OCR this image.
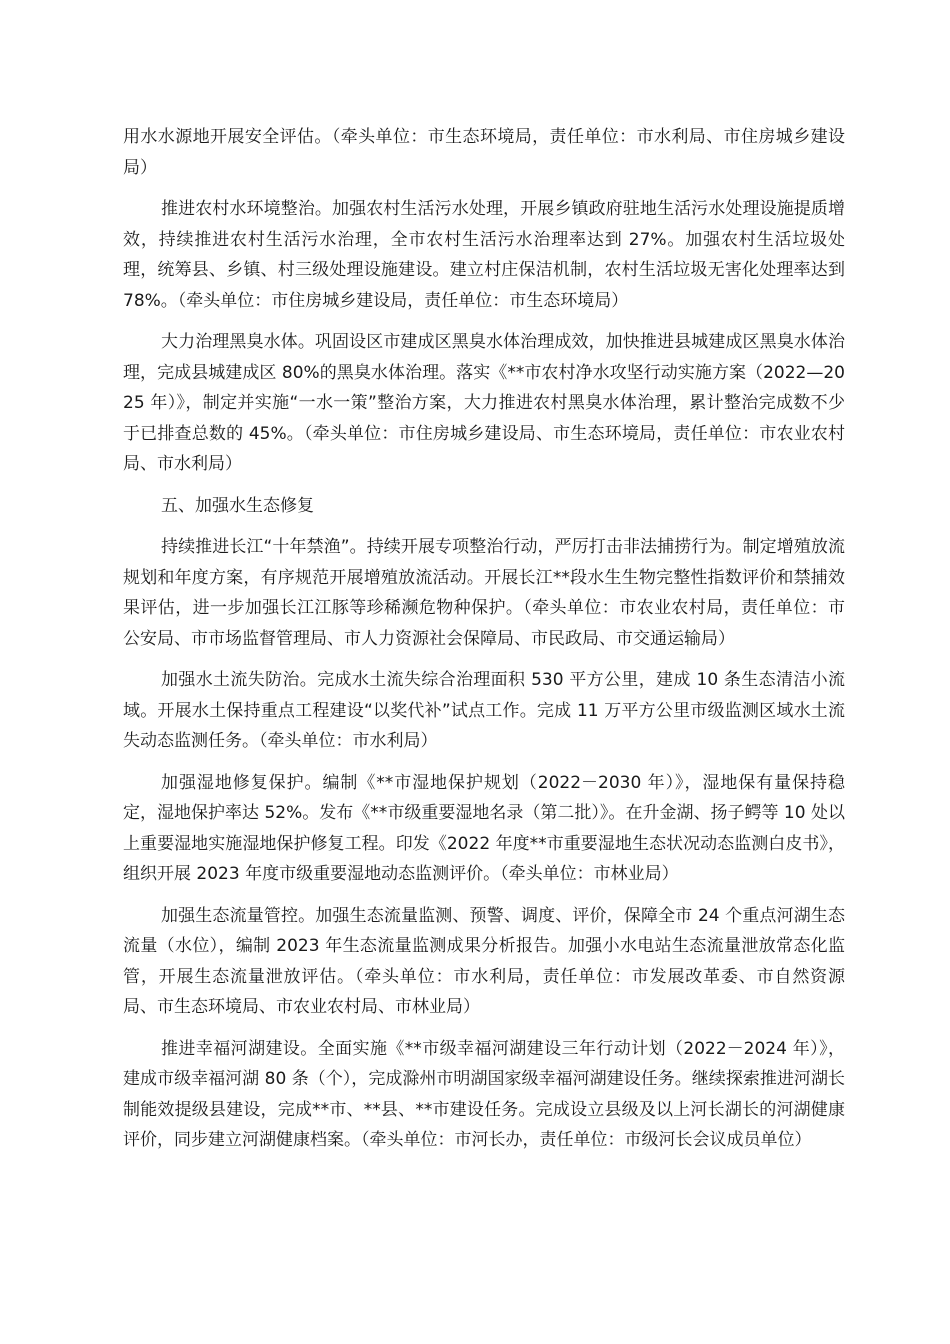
用水水源地开展安全评估。（牵头单位：市生态环境局，责任单位：市水利局、市住房城乡建设局）

推进农村水环境整治。加强农村生活污水处理，开展乡镇政府驻地生活污水处理设施提质增效，持续推进农村生活污水治理，全市农村生活污水治理率达到 27%。加强农村生活垃圾处理，统筹县、乡镇、村三级处理设施建设。建立村庄保洁机制，农村生活垃圾无害化处理率达到 78%。（牵头单位：市住房城乡建设局，责任单位：市生态环境局）

大力治理黑臭水体。巩固设区市建成区黑臭水体治理成效，加快推进县城建成区黑臭水体治理，完成县城建成区 80%的黑臭水体治理。落实《**市农村净水攻坚行动实施方案（2022—2025 年）》，制定并实施“一水一策”整治方案，大力推进农村黑臭水体治理，累计整治完成数不少于已排查总数的 45%。（牵头单位：市住房城乡建设局、市生态环境局，责任单位：市农业农村局、市水利局）

五、加强水生态修复

持续推进长江“十年禁渔”。持续开展专项整治行动，严厉打击非法捕捞行为。制定增殖放流规划和年度方案，有序规范开展增殖放流活动。开展长江**段水生生物完整性指数评价和禁捕效果评估，进一步加强长江江豚等珍稀濒危物种保护。（牵头单位：市农业农村局，责任单位：市公安局、市市场监督管理局、市人力资源社会保障局、市民政局、市交通运输局）

加强水土流失防治。完成水土流失综合治理面积 530 平方公里，建成 10 条生态清洁小流域。开展水土保持重点工程建设“以奖代补”试点工作。完成 11 万平方公里市级监测区域水土流失动态监测任务。（牵头单位：市水利局）

加强湿地修复保护。编制《**市湿地保护规划（2022－2030 年）》，湿地保有量保持稳定，湿地保护率达 52%。发布《**市级重要湿地名录（第二批）》。在升金湖、扬子鳄等 10 处以上重要湿地实施湿地保护修复工程。印发《2022 年度**市重要湿地生态状况动态监测白皮书》，组织开展 2023 年度市级重要湿地动态监测评价。（牵头单位：市林业局）

加强生态流量管控。加强生态流量监测、预警、调度、评价，保障全市 24 个重点河湖生态流量（水位），编制 2023 年生态流量监测成果分析报告。加强小水电站生态流量泄放常态化监管，开展生态流量泄放评估。（牵头单位：市水利局，责任单位：市发展改革委、市自然资源局、市生态环境局、市农业农村局、市林业局）

推进幸福河湖建设。全面实施《**市级幸福河湖建设三年行动计划（2022－2024 年）》，建成市级幸福河湖 80 条（个），完成滁州市明湖国家级幸福河湖建设任务。继续探索推进河湖长制能效提级县建设，完成**市、**县、**市建设任务。完成设立县级及以上河长湖长的河湖健康评价，同步建立河湖健康档案。（牵头单位：市河长办，责任单位：市级河长会议成员单位）
